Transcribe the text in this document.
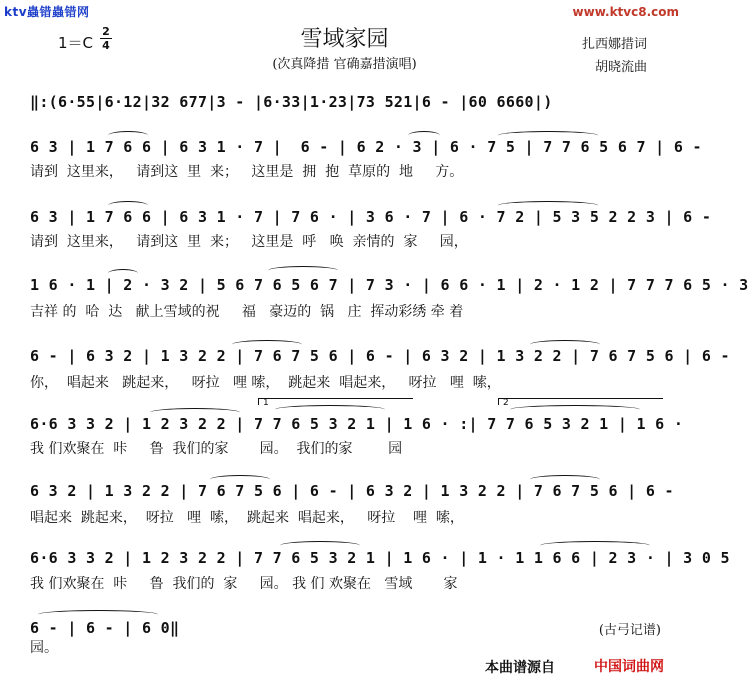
ktv蟲错蟲错网	www.ktvc8.com
1＝C
2
4	雪域家园
(次真降措 官确嘉措演唱)
扎西娜措词
胡晓流曲
‖:(6·55|6·12|32 677|3 - |6·33|1·23|73 521|6 - |60 6660|)
6 3 | 1 7 6 6 | 6 3 1 · 7 |  6 - | 6 2 · 3 | 6 · 7 5 | 7 7 6 5 6 7 | 6 -
请到  这里来，   请到这  里  来；   这里是  拥  抱  草原的  地     方。
6 3 | 1 7 6 6 | 6 3 1 · 7 | 7 6 · | 3 6 · 7 | 6 · 7 2 | 5 3 5 2 2 3 | 6 -
请到  这里来，   请到这  里  来；   这里是  呼   唤  亲情的  家     园，
1 6 · 1 | 2 · 3 2 | 5 6 7 6 5 6 7 | 7 3 · | 6 6 · 1 | 2 · 1 2 | 7 7 7 6 5 · 3
吉祥 的  哈  达   献上雪域的祝     福   豪迈的  锅   庄  挥动彩绣 牵 着
6 - | 6 3 2 | 1 3 2 2 | 7 6 7 5 6 | 6 - | 6 3 2 | 1 3 2 2 | 7 6 7 5 6 | 6 -
你，  唱起来   跳起来，   呀拉   哩 嗦，  跳起来  唱起来，   呀拉   哩  嗦，
1	2
6·6 3 3 2 | 1 2 3 2 2 | 7 7 6 5 3 2 1 | 1 6 · :| 7 7 6 5 3 2 1 | 1 6 ·
我 们欢聚在  咔     鲁  我们的家       园。  我们的家        园
6 3 2 | 1 3 2 2 | 7 6 7 5 6 | 6 - | 6 3 2 | 1 3 2 2 | 7 6 7 5 6 | 6 -
唱起来  跳起来，  呀拉   哩  嗦，  跳起来  唱起来，   呀拉    哩  嗦，
6·6 3 3 2 | 1 2 3 2 2 | 7 7 6 5 3 2 1 | 1 6 · | 1 · 1 1 6 6 | 2 3 · | 3 0 5
我 们欢聚在  咔     鲁  我们的  家     园。 我 们 欢聚在   雪域       家
6 - | 6 - | 6 0‖
园。
(古弓记谱)
本曲谱源自	中国词曲网
